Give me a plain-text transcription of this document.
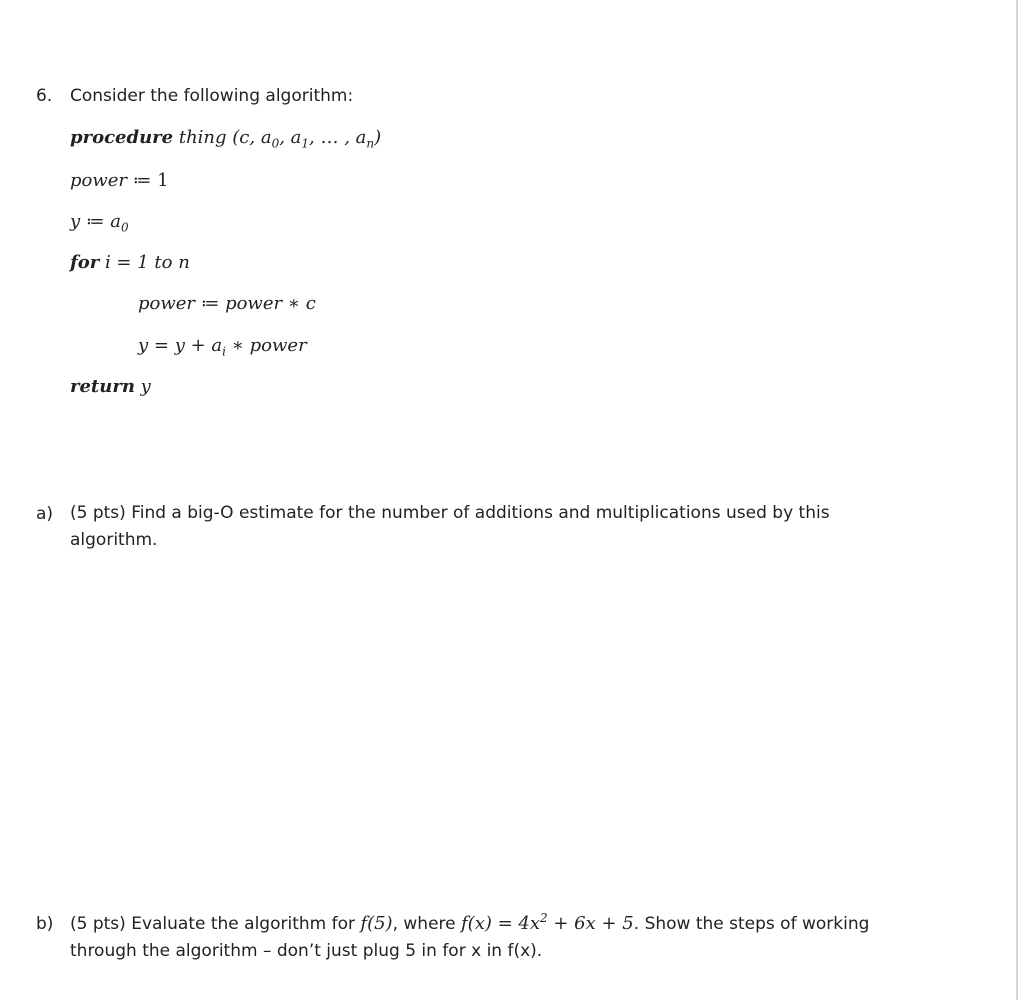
6. Consider the following algorithm:
procedure thing (c, $a_0$, $a_1$, … , $a_n$)
power ≔ 1
y ≔ $a_0$
for i = 1 to n
power ≔ power ∗ c
$y = y + a_i$ ∗ power
return y
a) (5 pts) Find a big-O estimate for the number of additions and multiplications used by this
algorithm.
b) (5 pts) Evaluate the algorithm for f(5), where $f(x) = 4x^2 + 6x + 5$. Show the steps of working
through the algorithm – don’t just plug 5 in for x in f(x).
